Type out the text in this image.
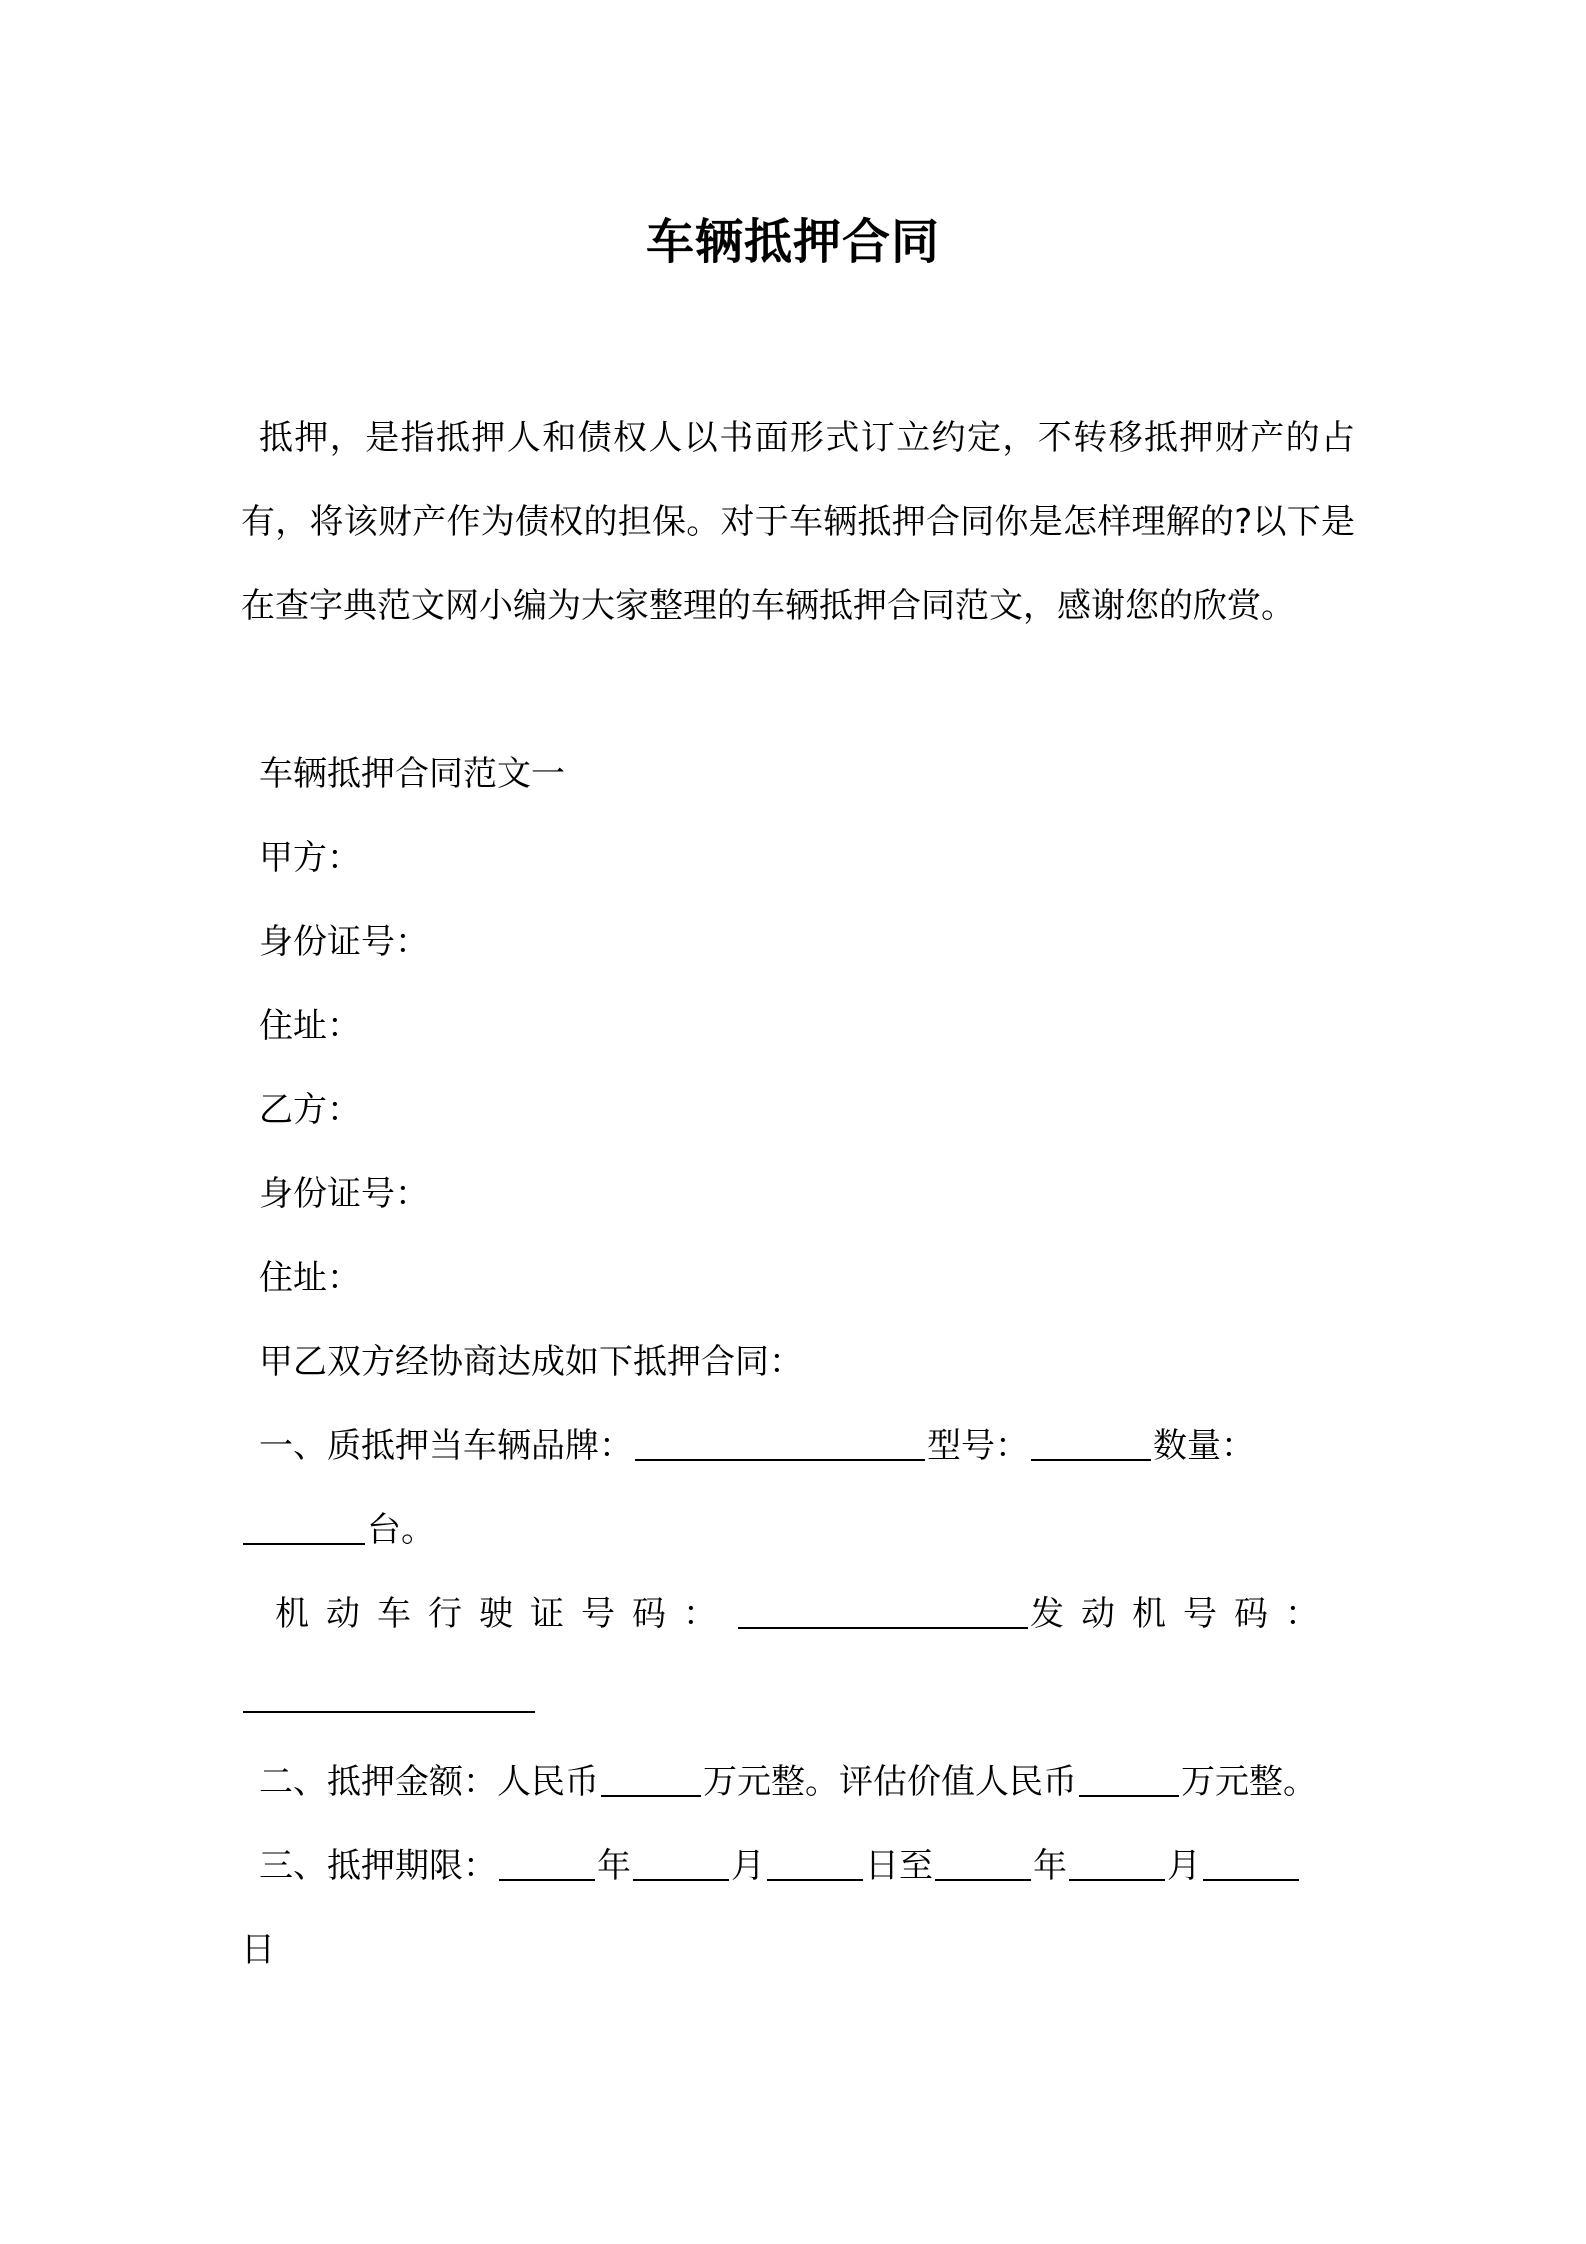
车辆抵押合同

抵押，是指抵押人和债权人以书面形式订立约定，不转移抵押财产的占有，将该财产作为债权的担保。对于车辆抵押合同你是怎样理解的?以下是在查字典范文网小编为大家整理的车辆抵押合同范文，感谢您的欣赏。

车辆抵押合同范文一
甲方：
身份证号：
住址：
乙方：
身份证号：
住址：
甲乙双方经协商达成如下抵押合同：
一、质抵押当车辆品牌：	型号：	数量：
台。
机动车行驶证号码：	发动机号码：
二、抵押金额：人民币	万元整。评估价值人民币	万元整。
三、抵押期限：	年	月	日至	年	月
日
